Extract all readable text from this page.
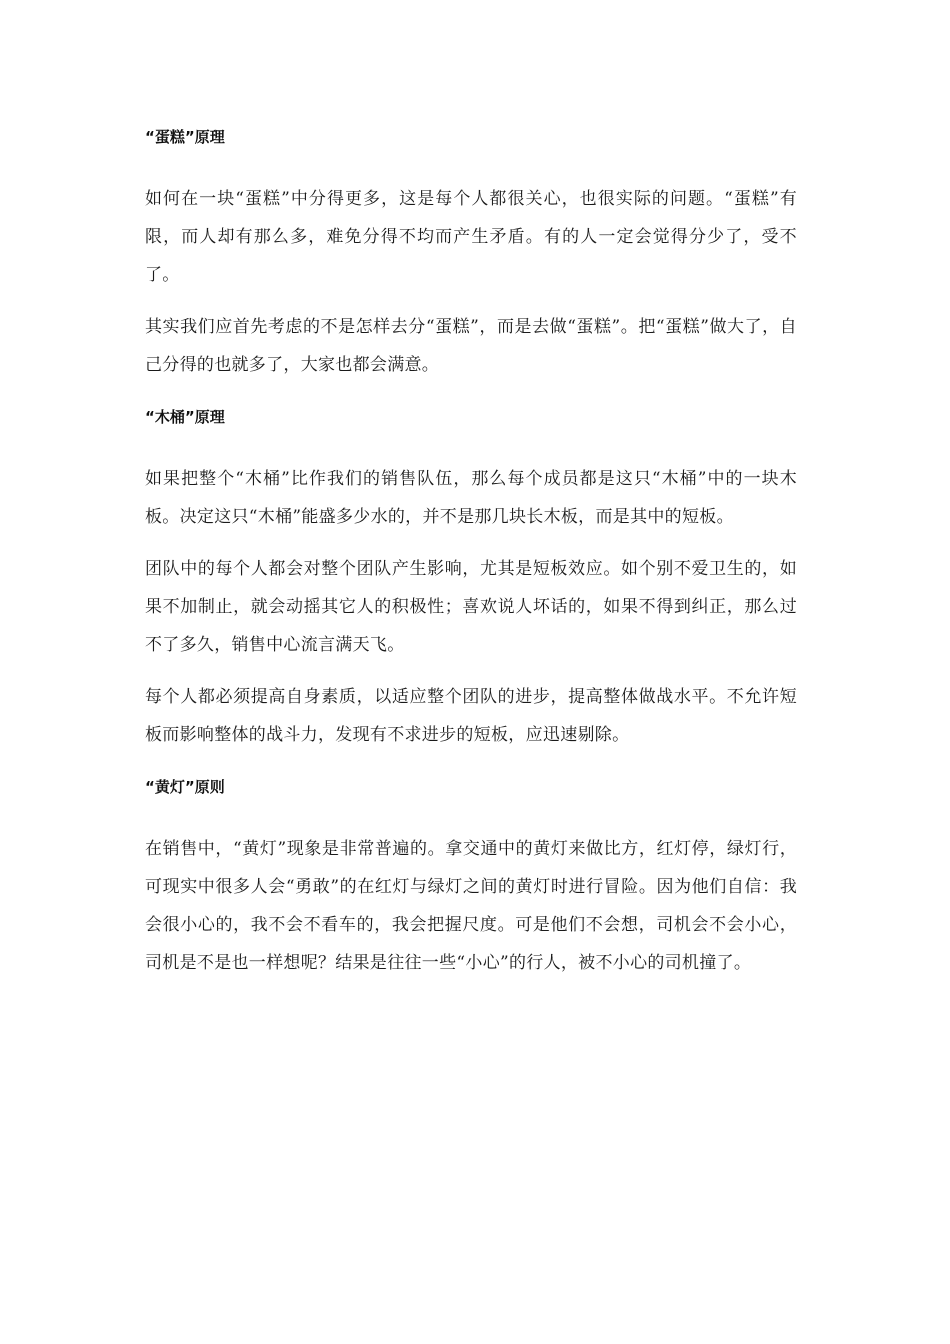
“蛋糕”原理

如何在一块“蛋糕”中分得更多，这是每个人都很关心，也很实际的问题。“蛋糕”有限，而人却有那么多，难免分得不均而产生矛盾。有的人一定会觉得分少了，受不了。

其实我们应首先考虑的不是怎样去分“蛋糕”，而是去做“蛋糕”。把“蛋糕”做大了，自己分得的也就多了，大家也都会满意。

“木桶”原理

如果把整个“木桶”比作我们的销售队伍，那么每个成员都是这只“木桶”中的一块木板。决定这只“木桶”能盛多少水的，并不是那几块长木板，而是其中的短板。

团队中的每个人都会对整个团队产生影响，尤其是短板效应。如个别不爱卫生的，如果不加制止，就会动摇其它人的积极性；喜欢说人坏话的，如果不得到纠正，那么过不了多久，销售中心流言满天飞。

每个人都必须提高自身素质，以适应整个团队的进步，提高整体做战水平。不允许短板而影响整体的战斗力，发现有不求进步的短板，应迅速剔除。

“黄灯”原则

在销售中，“黄灯”现象是非常普遍的。拿交通中的黄灯来做比方，红灯停，绿灯行，可现实中很多人会“勇敢”的在红灯与绿灯之间的黄灯时进行冒险。因为他们自信：我会很小心的，我不会不看车的，我会把握尺度。可是他们不会想，司机会不会小心，司机是不是也一样想呢？结果是往往一些“小心”的行人，被不小心的司机撞了。
